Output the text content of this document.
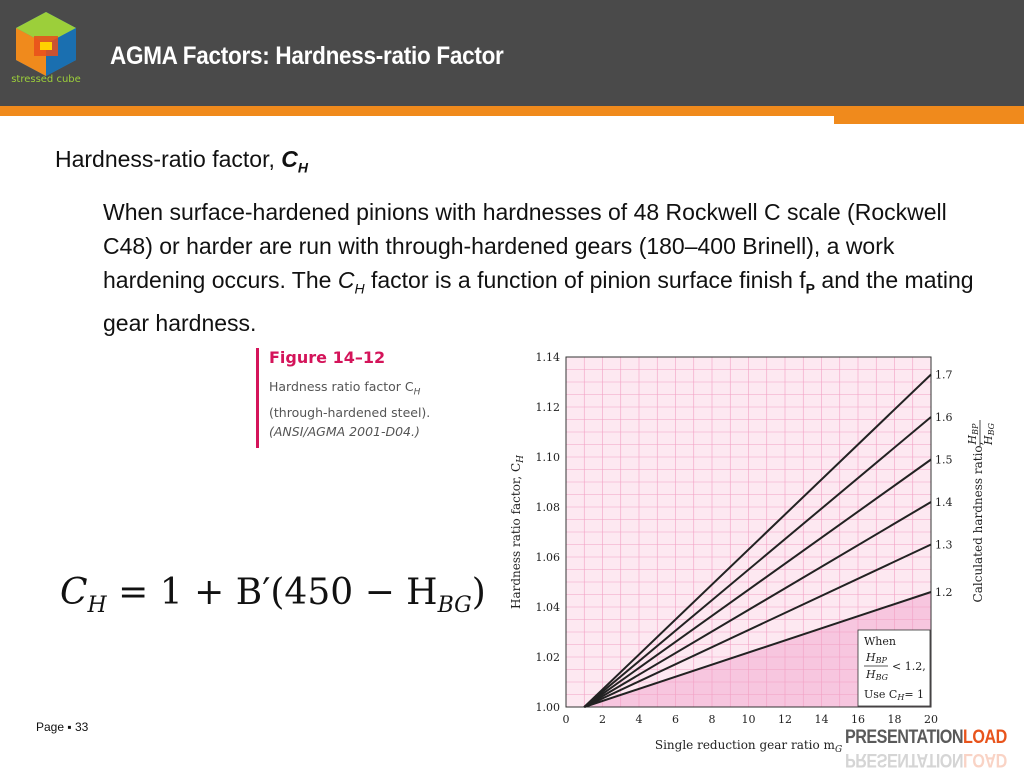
stressed cube
AGMA Factors: Hardness-ratio Factor
Hardness-ratio factor, $C_H$
When surface-hardened pinions with hardnesses of 48 Rockwell C scale (Rockwell C48) or harder are run with through-hardened gears (180–400 Brinell), a work hardening occurs. The $C_H$ factor is a function of pinion surface finish $f_P$ and the mating gear hardness.
Figure 14–12
Hardness ratio factor $C_H$
(through-hardened steel).
(ANSI/AGMA 2001-D04.)
$C_H = 1 + B'(450 - H_{BG})$
0	2	4	6	8 10 12 14 16 18 20
1.00
1.02
1.04
1.06
1.08
1.10
1.12
1.14
1.2
1.3
1.4
1.5
1.6
1.7
Single reduction gear ratio $m_G$
Hardness ratio factor, $C_H$	Calculated hardness ratio,
HBP
HBG
When
HBP
HBG
< 1.2,
Use CH= 1
Page ▪ 33	PRESENTATIONLOAD
PRESENTATIONLOAD
